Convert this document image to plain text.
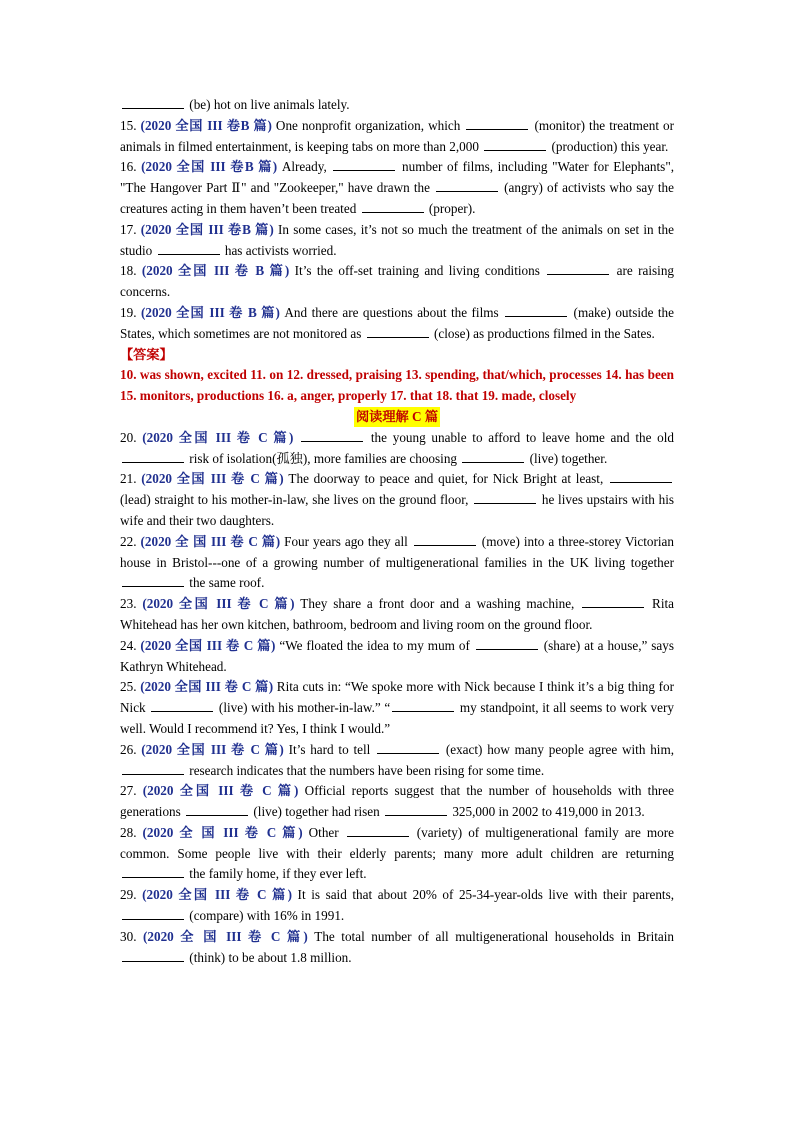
(be) hot on live animals lately.

15. (2020 全国 III 卷B 篇) One nonprofit organization, which	(monitor) the treatment or animals in filmed entertainment, is keeping tabs on more than 2,000	(production) this year.

16. (2020 全国 III 卷B 篇) Already,	number of films, including "Water for Elephants", "The Hangover Part Ⅱ" and "Zookeeper," have drawn the	(angry) of activists who say the creatures acting in them haven’t been treated	(proper).

17. (2020 全国 III 卷B 篇) In some cases, it’s not so much the treatment of the animals on set in the studio	has activists worried.

18. (2020 全国 III 卷 B 篇) It’s the off-set training and living conditions	are raising concerns.

19. (2020 全国 III 卷 B 篇) And there are questions about the films	(make) outside the States, which sometimes are not monitored as	(close) as productions filmed in the Sates.

【答案】

10. was shown, excited 11. on 12. dressed, praising 13. spending, that/which, processes 14. has been 15. monitors, productions 16. a, anger, properly 17. that 18. that 19. made, closely

阅读理解 C 篇

20. (2020 全国 III 卷 C 篇)	the young unable to afford to leave home and the old  risk of isolation(孤独), more families are choosing	(live) together.

21. (2020 全国 III 卷 C 篇) The doorway to peace and quiet, for Nick Bright at least,  (lead) straight to his mother-in-law, she lives on the ground floor,	he lives upstairs with his wife and their two daughters.

22. (2020 全 国 III 卷 C 篇) Four years ago they all	(move) into a three-storey Victorian house in Bristol---one of a growing number of multigenerational families in the UK living together  the same roof.

23. (2020 全国 III 卷 C 篇) They share a front door and a washing machine,	Rita Whitehead has her own kitchen, bathroom, bedroom and living room on the ground floor.

24. (2020 全国 III 卷 C 篇) “We floated the idea to my mum of	(share) at a house,” says Kathryn Whitehead.

25. (2020 全国 III 卷 C 篇) Rita cuts in: “We spoke more with Nick because I think it’s a big thing for Nick	(live) with his mother-in-law.” “	my standpoint, it all seems to work very well. Would I recommend it? Yes, I think I would.”

26. (2020 全国 III 卷 C 篇) It’s hard to tell	(exact) how many people agree with him,  research indicates that the numbers have been rising for some time.

27. (2020 全国 III 卷 C 篇) Official reports suggest that the number of households with three generations	(live) together had risen	325,000 in 2002 to 419,000 in 2013.

28. (2020 全 国 III 卷 C 篇) Other	(variety) of multigenerational family are more common. Some people live with their elderly parents; many more adult children are returning  the family home, if they ever left.

29. (2020 全国 III 卷 C 篇) It is said that about 20% of 25-34-year-olds live with their parents,  (compare) with 16% in 1991.

30. (2020 全 国 III 卷 C 篇) The total number of all multigenerational households in Britain  (think) to be about 1.8 million.
